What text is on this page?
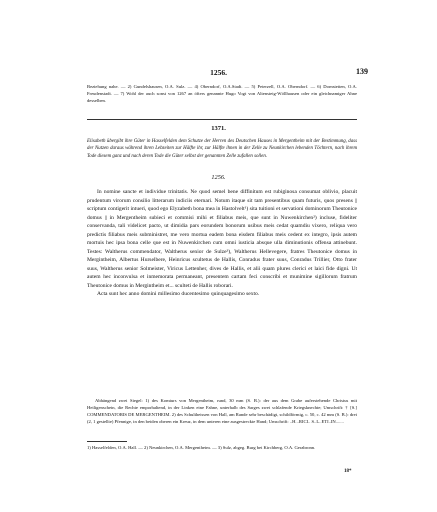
1256.	139
Beziehung nahe. — 2) Gundelshausen, O.A. Sulz. — 4) Oberndorf, O.A.Stadt. — 5) Peterzell, O.A. Oberndorf. — 6) Dornstetten, O.A. Freudenstadt. — 7) Wohl der auch sonst von 1267 an öfters genannte Hugo Vogt von Altensteig-Wöllhausen oder ein gleichnamiger Ahne desselben.
1371.
Elisabeth übergibt ihre Güter in Hasselfelden dem Schutze der Herren des Deutschen Hauses in Mergentheim mit der Bestimmung, dass der Nutzen daraus während ihren Lebzeiten zur Hälfte ihr, zur Hälfte ihnen in der Zelle zu Neunkirchen lebenden Töchtern, nach ihrem Tode diesem ganz und nach deren Tode die Güter selbst der genannten Zelle zufallen sollen.
1256.

In nomine sancte et individue trinitatis. Ne quod semel bene diffinitum est rubiginosa consumat oblivio, placuit prudentum virorum consilio litterarum indiciis eternari. Notum itaque sit tam presentibus quam futuris, quos presens || scriptum contigerit intueri, quod ego Elyzabeth bona mea in Hastolvelt¹) sita tuitioni et servationi dominorum Theutonice domus || in Mergentheim subieci et commisi mihi et filiabus meis, que sunt in Nuwenkirchen²) incluse, fideliter conservanda, tali videlicet pacto, ut dimidia pars eorundem bonorum usibus meis cedat quamdiu vixero, reliqua vero predictis filiabus meis subministret, me vero mortua eadem bona eisdem filiabus meis cedent ex integro, ipsis autem mortuis hec ipsa bona celle que est in Nuwenkirchen cum omni iusticia absque ulla diminutionis offensa attinebunt. Testes: Waltherus commendator, Waltherus senior de Sulze³), Waltherus Hellevegere, fratres Theutonice domus in Mergintheim, Albertus Hurselbere, Heinricus scultetus de Hallis, Conradus frater suus, Conradus Trillier, Otto frater suus, Waltherus senior Solmeister, Viricus Lettenher, dives de Hallis, et alii quam plures clerici et laici fide digni. Ut autem hec inconvulsa et inmemorata permaneant, presentem cartam feci conscribi et munimine sigillorum fratrum Theutonice domus in Mergintheim et... sculteti de Hallis roborari.

Acta sunt hec anno domini millesimo ducentesimo quinquagesimo sexto.

Abhängend zwei Siegel: 1) des Komturs von Mergentheim, rund, 30 mm (S. B.): der aus dem Grabe auferstehende Christus mit Heiligenschein, die Rechte emporhaltend, in der Linken eine Fahne, unterhalb des Sarges zwei schlafende Kriegsknechte; Umschrift: † [S.] COMMENDATORIS DE MERGENTHEIM. 2) des Schultheissen von Hall, am Rande sehr beschädigt, schildförmig, c. 50, c. 42 mm (S. B.): drei (2, 1 gestellte) Pfennige, in den beiden oberen ein Kreuz, in dem unteren eine ausgestreckte Hand; Umschrift: ..H...RICI.. S..L..ETI..IN.......

1) Hasselfelden, O.A. Hall. — 2) Neunkirchen, O.A. Mergentheim. — 3) Sulz, abgeg. Burg bei Kirchberg, O.A. Gerabronn.
18*
